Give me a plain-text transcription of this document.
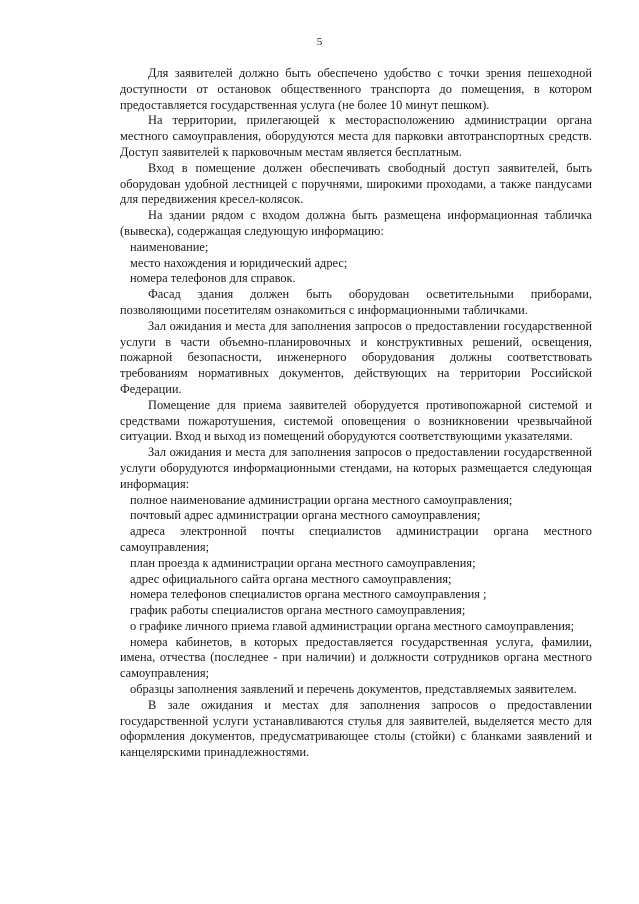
5

Для заявителей должно быть обеспечено удобство с точки зрения пешеходной доступности от остановок общественного транспорта до помещения, в котором предоставляется государственная услуга (не более 10 минут пешком).

На территории, прилегающей к месторасположению администрации органа местного самоуправления, оборудуются места для парковки автотранспортных средств. Доступ заявителей к парковочным местам является бесплатным.

Вход в помещение должен обеспечивать свободный доступ заявителей, быть оборудован удобной лестницей с поручнями, широкими проходами, а также пандусами для передвижения кресел-колясок.

На здании рядом с входом должна быть размещена информационная табличка (вывеска), содержащая следующую информацию:

наименование;

место нахождения и юридический адрес;

номера телефонов для справок.

Фасад здания должен быть оборудован осветительными приборами, позволяющими посетителям ознакомиться с информационными табличками.

Зал ожидания и места для заполнения запросов о предоставлении государственной услуги в части объемно-планировочных и конструктивных решений, освещения, пожарной безопасности, инженерного оборудования должны соответствовать требованиям нормативных документов, действующих на территории Российской Федерации.

Помещение для приема заявителей оборудуется противопожарной системой и средствами пожаротушения, системой оповещения о возникновении чрезвычайной ситуации. Вход и выход из помещений оборудуются соответствующими указателями.

Зал ожидания и места для заполнения запросов о предоставлении государственной услуги оборудуются информационными стендами, на которых размещается следующая информация:

полное наименование администрации органа местного самоуправления;

почтовый адрес администрации органа местного самоуправления;

адреса электронной почты специалистов администрации органа местного самоуправления;

план проезда к администрации органа местного самоуправления;

адрес официального сайта органа местного самоуправления;

номера телефонов специалистов органа местного самоуправления ;

график работы специалистов органа местного самоуправления;

о графике личного приема главой администрации органа местного самоуправления;

номера кабинетов, в которых предоставляется государственная услуга, фамилии, имена, отчества (последнее - при наличии) и должности сотрудников органа местного самоуправления;

образцы заполнения заявлений и перечень документов, представляемых заявителем.

В зале ожидания и местах для заполнения запросов о предоставлении государственной услуги устанавливаются стулья для заявителей, выделяется место для оформления документов, предусматривающее столы (стойки) с бланками заявлений и канцелярскими принадлежностями.
